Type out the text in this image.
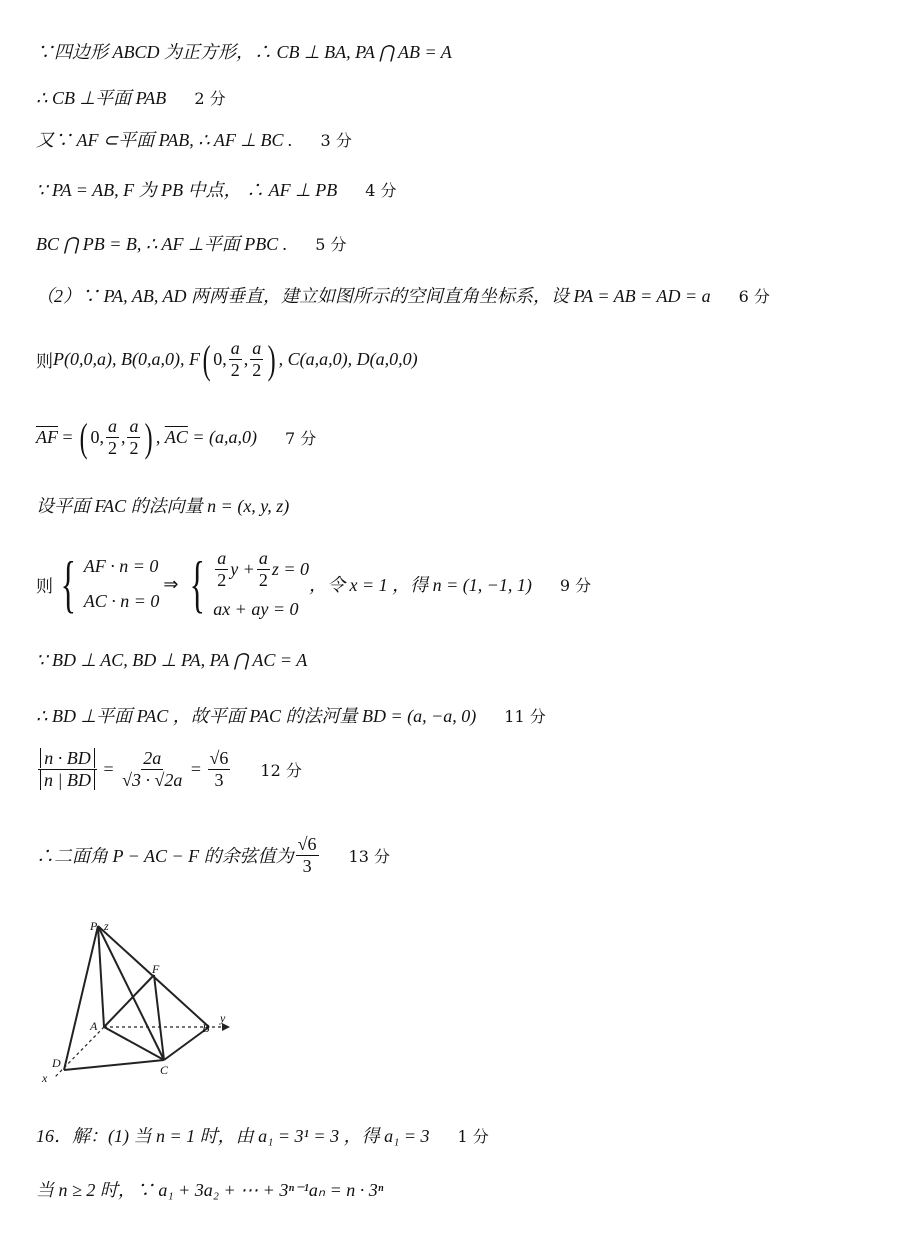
∵四边形 ABCD 为正方形，∴ CB ⊥ BA, PA ⋂ AB = A
∴ CB ⊥平面 PAB 2 分
又∵ AF ⊂平面 PAB, ∴ AF ⊥ BC . 3 分
∵ PA = AB, F 为 PB 中点， ∴ AF ⊥ PB 4 分
BC ⋂ PB = B, ∴ AF ⊥平面 PBC . 5 分
（2）∵ PA, AB, AD 两两垂直，建立如图所示的空间直角坐标系，设 PA = AB = AD = a 6 分
则 P(0,0,a), B(0,a,0), F ( 0, $\frac{a}{2}$ , $\frac{a}{2}$ ) , C(a,a,0), D(a,0,0)
$\overline{AF}$ = ( 0, $\frac{a}{2}$ , $\frac{a}{2}$ ) , $\overline{AC}$
= (a,a,0) 7 分
设平面 FAC 的法向量 n = (x, y, z)
则 { AF · n = 0
AC · n = 0
⇒ { $\frac{a}{2}$ $y + \frac{a}{2}$ z = 0
ax + ay = 0
，令 x = 1 ，得 n = (1, −1, 1) 9 分
∵ BD ⊥ AC, BD ⊥ PA, PA ⋂ AC = A
∴ BD ⊥平面 PAC ，故平面 PAC 的法河量 BD = (a, −a, 0) 11 分
$\frac{n \cdot BD}{n | BD} = \frac{2a}{√3 \cdot √2a} = \frac{√6}{3} 12$ 分
∴二面角 P − AC − F 的余弦值为 $\frac{√6}{3} 13$ 分
P z
F
A	B
y
D
x
C
16．解：(1) 当 n = 1 时，由 a₁ = 3¹ = 3 ，得 a₁ = 3 1 分
当 n ≥ 2 时，∵ a₁ + 3a₂ + ⋯ + 3ⁿ⁻¹aₙ = n · 3ⁿ
